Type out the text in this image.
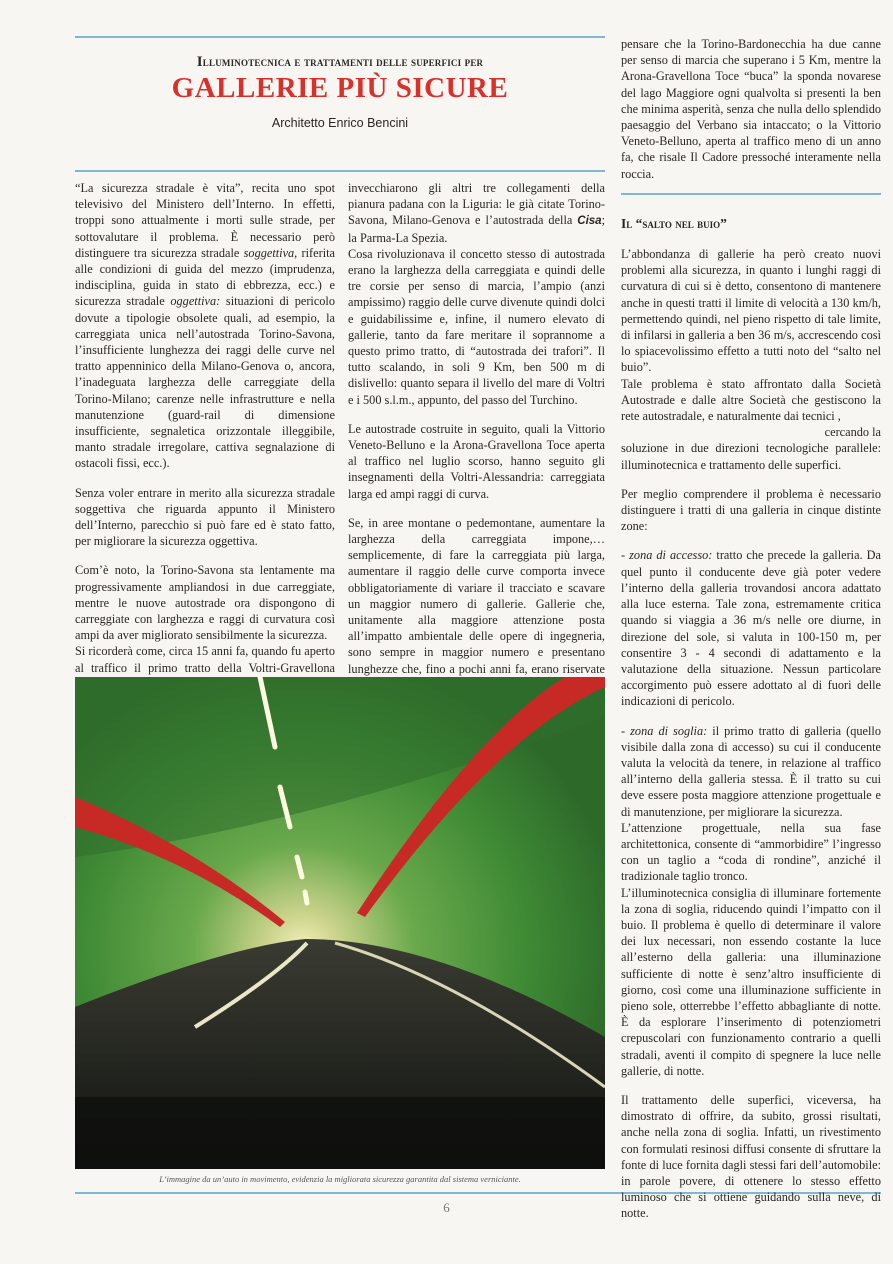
Illuminotecnica e trattamenti delle superfici per
GALLERIE PIÙ SICURE
Architetto Enrico Bencini

“La sicurezza stradale è vita”, recita uno spot televisivo del Ministero dell’Interno. In effetti, troppi sono attualmente i morti sulle strade, per sottovalutare il problema. È necessario però distinguere tra sicurezza stradale soggettiva, riferita alle condizioni di guida del mezzo (imprudenza, indisciplina, guida in stato di ebbrezza, ecc.) e sicurezza stradale oggettiva: situazioni di pericolo dovute a tipologie obsolete quali, ad esempio, la carreggiata unica nell’autostrada Torino-Savona, l’insufficiente lunghezza dei raggi delle curve nel tratto appenninico della Milano-Genova o, ancora, l’inadeguata larghezza delle carreggiate della Torino-Milano; carenze nelle infrastrutture e nella manutenzione (guard-rail di dimensione insufficiente, segnaletica orizzontale illeggibile, manto stradale irregolare, cattiva segnalazione di ostacoli fissi, ecc.).

Senza voler entrare in merito alla sicurezza stradale soggettiva che riguarda appunto il Ministero dell’Interno, parecchio si può fare ed è stato fatto, per migliorare la sicurezza oggettiva.

Com’è noto, la Torino-Savona sta lentamente ma progressivamente ampliandosi in due carreggiate, mentre le nuove autostrade ora dispongono di carreggiate con larghezza e raggi di curvatura così ampi da aver migliorato sensibilmente la sicurezza.

Si ricorderà come, circa 15 anni fa, quando fu aperto al traffico il primo tratto della Voltri-Gravellona

invecchiarono gli altri tre collegamenti della pianura padana con la Liguria: le già citate Torino-Savona, Milano-Genova e l’autostrada della Cisa; la Parma-La Spezia.

Cosa rivoluzionava il concetto stesso di autostrada erano la larghezza della carreggiata e quindi delle tre corsie per senso di marcia, l’ampio (anzi ampissimo) raggio delle curve divenute quindi dolci e guidabilissime e, infine, il numero elevato di gallerie, tanto da fare meritare il soprannome a questo primo tratto, di “autostrada dei trafori”. Il tutto scalando, in soli 9 Km, ben 500 m di dislivello: quanto separa il livello del mare di Voltri e i 500 s.l.m., appunto, del passo del Turchino.

Le autostrade costruite in seguito, quali la Vittorio Veneto-Belluno e la Arona-Gravellona Toce aperta al traffico nel luglio scorso, hanno seguito gli insegnamenti della Voltri-Alessandria: carreggiata larga ed ampi raggi di curva.

Se, in aree montane o pedemontane, aumentare la larghezza della carreggiata impone,… semplicemente, di fare la carreggiata più larga, aumentare il raggio delle curve comporta invece obbligatoriamente di variare il tracciato e scavare un maggior numero di gallerie. Gallerie che, unitamente alla maggiore attenzione posta all’impatto ambientale delle opere di ingegneria, sono sempre in maggior numero e presentano lunghezze che, fino a pochi anni fa, erano riservate

pensare che la Torino-Bardonecchia ha due canne per senso di marcia che superano i 5 Km, mentre la Arona-Gravellona Toce “buca” la sponda novarese del lago Maggiore ogni qualvolta si presenti la ben che minima asperità, senza che nulla dello splendido paesaggio del Verbano sia intaccato; o la Vittorio Veneto-Belluno, aperta al traffico meno di un anno fa, che risale Il Cadore pressoché interamente nella roccia.

Il “salto nel buio”

L’abbondanza di gallerie ha però creato nuovi problemi alla sicurezza, in quanto i lunghi raggi di curvatura di cui si è detto, consentono di mantenere anche in questi tratti il limite di velocità a 130 km/h, permettendo quindi, nel pieno rispetto di tale limite, di infilarsi in galleria a ben 36 m/s, accrescendo così lo spiacevolissimo effetto a tutti noto del “salto nel buio”.

Tale problema è stato affrontato dalla Società Autostrade e dalle altre Società che gestiscono la rete autostradale, e naturalmente dai tecnici ,

cercando la
soluzione in due direzioni tecnologiche parallele: illuminotecnica e trattamento delle superfici.

Per meglio comprendere il problema è necessario distinguere i tratti di una galleria in cinque distinte zone:

- zona di accesso: tratto che precede la galleria. Da quel punto il conducente deve già poter vedere l’interno della galleria trovandosi ancora adattato alla luce esterna. Tale zona, estremamente critica quando si viaggia a 36 m/s nelle ore diurne, in direzione del sole, si valuta in 100-150 m, per consentire 3 - 4 secondi di adattamento e la valutazione della situazione. Nessun particolare accorgimento può essere adottato al di fuori delle indicazioni di pericolo.

- zona di soglia: il primo tratto di galleria (quello visibile dalla zona di accesso) su cui il conducente valuta la velocità da tenere, in relazione al traffico all’interno della galleria stessa. È il tratto su cui deve essere posta maggiore attenzione progettuale e di manutenzione, per migliorare la sicurezza.

L’attenzione progettuale, nella sua fase architettonica, consente di “ammorbidire” l’ingresso con un taglio a “coda di rondine”, anziché il tradizionale taglio tronco.

L’illuminotecnica consiglia di illuminare fortemente la zona di soglia, riducendo quindi l’impatto con il buio. Il problema è quello di determinare il valore dei lux necessari, non essendo costante la luce all’esterno della galleria: una illuminazione sufficiente di notte è senz’altro insufficiente di giorno, così come una illuminazione sufficiente in pieno sole, otterrebbe l’effetto abbagliante di notte. È da esplorare l’inserimento di potenziometri crepuscolari con funzionamento contrario a quelli stradali, aventi il compito di spegnere la luce nelle gallerie, di notte.

Il trattamento delle superfici, viceversa, ha dimostrato di offrire, da subito, grossi risultati, anche nella zona di soglia. Infatti, un rivestimento con formulati resinosi diffusi consente di sfruttare la fonte di luce fornita dagli stessi fari dell’automobile: in parole povere, di ottenere lo stesso effetto luminoso che si ottiene guidando sulla neve, di notte.

L’immagine da un’auto in movimento, evidenzia la migliorata sicurezza garantita dal sistema verniciante.
6
